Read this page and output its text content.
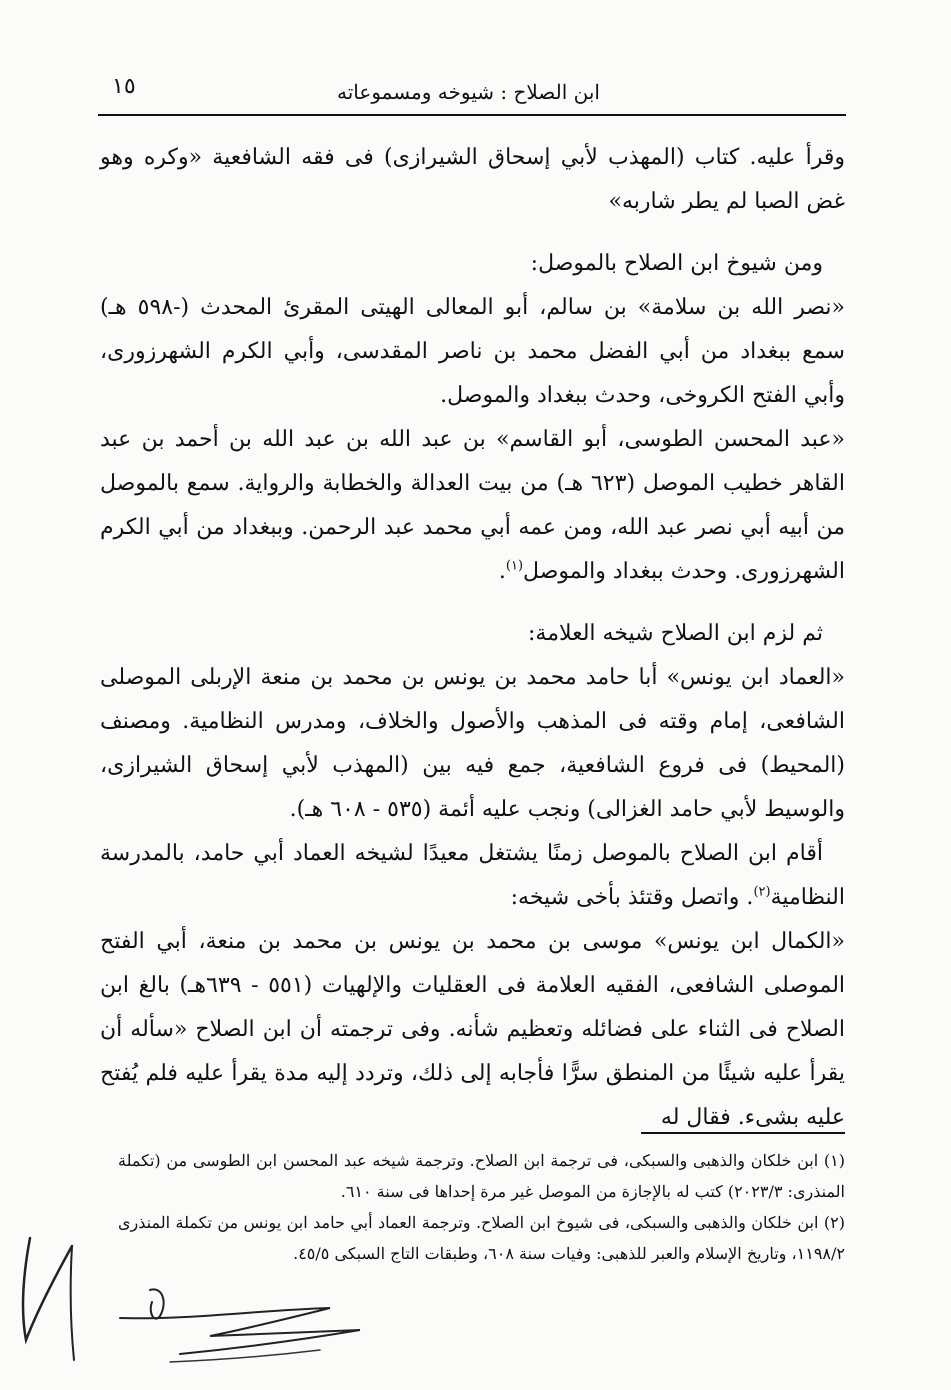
ابن الصلاح : شيوخه ومسموعاته
١٥

وقرأ عليه. كتاب (المهذب لأبي إسحاق الشيرازى) فى فقه الشافعية «وكره وهو غض الصبا لم يطر شاربه»

ومن شيوخ ابن الصلاح بالموصل:

«نصر الله بن سلامة» بن سالم، أبو المعالى الهيتى المقرئ المحدث (-٥٩٨ هـ) سمع ببغداد من أبي الفضل محمد بن ناصر المقدسى، وأبي الكرم الشهرزورى، وأبي الفتح الكروخى، وحدث ببغداد والموصل.

«عبد المحسن الطوسى، أبو القاسم» بن عبد الله بن عبد الله بن أحمد بن عبد القاهر خطيب الموصل (٦٢٣ هـ) من بيت العدالة والخطابة والرواية. سمع بالموصل من أبيه أبي نصر عبد الله، ومن عمه أبي محمد عبد الرحمن. وببغداد من أبي الكرم الشهرزورى. وحدث ببغداد والموصل$^{(١)}$.

ثم لزم ابن الصلاح شيخه العلامة:

«العماد ابن يونس» أبا حامد محمد بن يونس بن محمد بن منعة الإربلى الموصلى الشافعى، إمام وقته فى المذهب والأصول والخلاف، ومدرس النظامية. ومصنف (المحيط) فى فروع الشافعية، جمع فيه بين (المهذب لأبي إسحاق الشيرازى، والوسيط لأبي حامد الغزالى) ونجب عليه أئمة (٥٣٥ - ٦٠٨ هـ).

أقام ابن الصلاح بالموصل زمنًا يشتغل معيدًا لشيخه العماد أبي حامد، بالمدرسة النظامية$^{(٢)}$. واتصل وقتئذ بأخى شيخه:

«الكمال ابن يونس» موسى بن محمد بن يونس بن محمد بن منعة، أبي الفتح الموصلى الشافعى، الفقيه العلامة فى العقليات والإلهيات (٥٥١ - ٦٣٩هـ) بالغ ابن الصلاح فى الثناء على فضائله وتعظيم شأنه. وفى ترجمته أن ابن الصلاح «سأله أن يقرأ عليه شيئًا من المنطق سرًّا فأجابه إلى ذلك، وتردد إليه مدة يقرأ عليه فلم يُفتح عليه بشىء. فقال له

(١) ابن خلكان والذهبى والسبكى، فى ترجمة ابن الصلاح. وترجمة شيخه عبد المحسن ابن الطوسى من (تكملة المنذرى: ٢٠٢٣/٣) كتب له بالإجازة من الموصل غير مرة إحداها فى سنة ٦١٠.

(٢) ابن خلكان والذهبى والسبكى، فى شيوخ ابن الصلاح. وترجمة العماد أبي حامد ابن يونس من تكملة المنذرى ١١٩٨/٢، وتاريخ الإسلام والعبر للذهبى: وفيات سنة ٦٠٨، وطبقات التاج السبكى ٤٥/٥.
